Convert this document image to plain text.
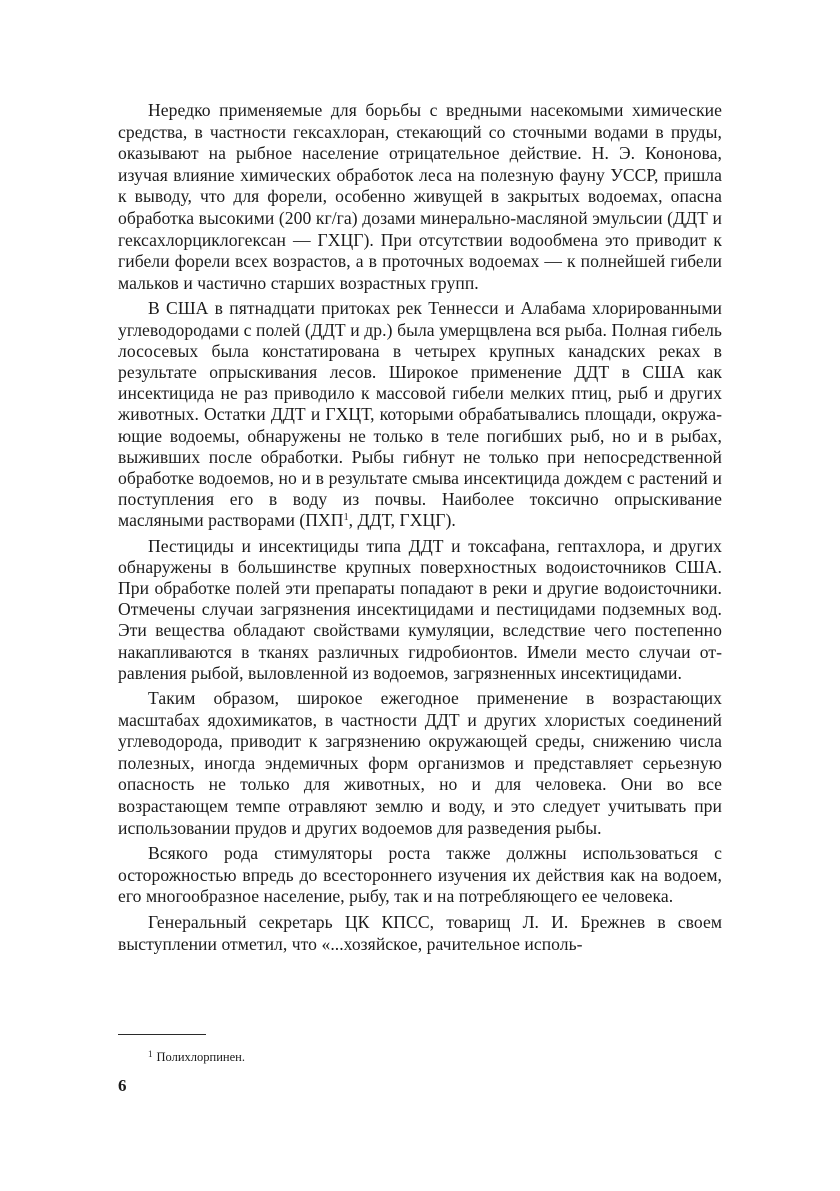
Нередко применяемые для борьбы с вредными насекомыми химические средства, в частности гексахлоран, стекающий со сточными водами в пруды, оказывают на рыбное население отрицательное действие. Н. Э. Кононова, изучая влияние химических обработок леса на полезную фауну УССР, пришла к выводу, что для форели, особенно живущей в закрытых водоемах, опасна обработка высокими (200 кг/га) дозами минерально-масляной эмульсии (ДДТ и гексахлорциклогексан — ГХЦГ). При отсутствии водообмена это приводит к гибели форели всех возрастов, а в проточных водоемах — к полнейшей гибели мальков и частично старших возрастных групп.

В США в пятнадцати притоках рек Теннесси и Алабама хлорированными углеводородами с полей (ДДТ и др.) была умерщвлена вся рыба. Полная гибель лососевых была констатирована в четырех крупных канадских реках в результате опрыскивания лесов. Широкое применение ДДТ в США как инсектицида не раз приводило к массовой гибели мелких птиц, рыб и других животных. Остатки ДДТ и ГХЦТ, которыми обрабатывались площади, окружающие водоемы, обнаружены не только в теле погибших рыб, но и в рыбах, выживших после обработки. Рыбы гибнут не только при непосредственной обработке водоемов, но и в результате смыва инсектицида дождем с растений и поступления его в воду из почвы. Наиболее токсично опрыскивание масляными растворами (ПХП$^1$, ДДТ, ГХЦГ).

Пестициды и инсектициды типа ДДТ и токсафана, гептахлора, и других обнаружены в большинстве крупных поверхностных водоисточников США. При обработке полей эти препараты попадают в реки и другие водоисточники. Отмечены случаи загрязнения инсектицидами и пестицидами подземных вод. Эти вещества обладают свойствами кумуляции, вследствие чего постепенно накапливаются в тканях различных гидробионтов. Имели место случаи отравления рыбой, выловленной из водоемов, загрязненных инсектицидами.

Таким образом, широкое ежегодное применение в возрастающих масштабах ядохимикатов, в частности ДДТ и других хлористых соединений углеводорода, приводит к загрязнению окружающей среды, снижению числа полезных, иногда эндемичных форм организмов и представляет серьезную опасность не только для животных, но и для человека. Они во все возрастающем темпе отравляют землю и воду, и это следует учитывать при использовании прудов и других водоемов для разведения рыбы.

Всякого рода стимуляторы роста также должны использоваться с осторожностью впредь до всестороннего изучения их действия как на водоем, его многообразное население, рыбу, так и на потребляющего ее человека.

Генеральный секретарь ЦК КПСС, товарищ Л. И. Брежнев в своем выступлении отметил, что «...хозяйское, рачительное исполь-

$^1$ Полихлорпинен.

6
